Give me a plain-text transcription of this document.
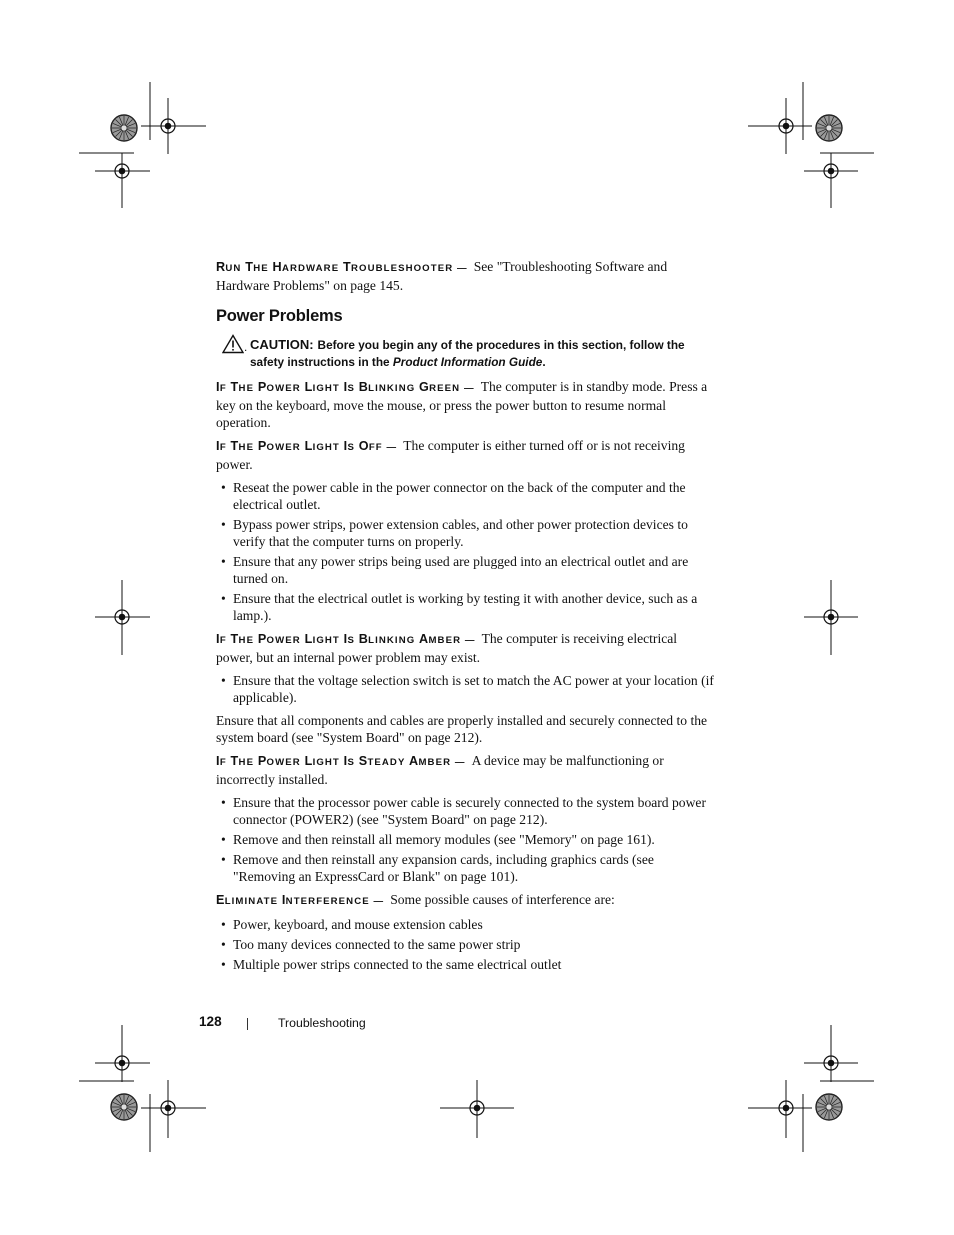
RUN THE HARDWARE TROUBLESHOOTER — See "Troubleshooting Software and Hardware Problems" on page 145.

Power Problems
. CAUTION: Before you begin any of the procedures in this section, follow the safety instructions in the Product Information Guide.

IF THE POWER LIGHT IS BLINKING GREEN — The computer is in standby mode. Press a key on the keyboard, move the mouse, or press the power button to resume normal operation.

IF THE POWER LIGHT IS OFF — The computer is either turned off or is not receiving power.

• Reseat the power cable in the power connector on the back of the computer and the electrical outlet.
• Bypass power strips, power extension cables, and other power protection devices to verify that the computer turns on properly.
• Ensure that any power strips being used are plugged into an electrical outlet and are turned on.
• Ensure that the electrical outlet is working by testing it with another device, such as a lamp.).

IF THE POWER LIGHT IS BLINKING AMBER — The computer is receiving electrical power, but an internal power problem may exist.

• Ensure that the voltage selection switch is set to match the AC power at your location (if applicable).

Ensure that all components and cables are properly installed and securely connected to the system board (see "System Board" on page 212).

IF THE POWER LIGHT IS STEADY AMBER — A device may be malfunctioning or incorrectly installed.

• Ensure that the processor power cable is securely connected to the system board power connector (POWER2) (see "System Board" on page 212).
• Remove and then reinstall all memory modules (see "Memory" on page 161).
• Remove and then reinstall any expansion cards, including graphics cards (see "Removing an ExpressCard or Blank" on page 101).

ELIMINATE INTERFERENCE — Some possible causes of interference are:

• Power, keyboard, and mouse extension cables
• Too many devices connected to the same power strip
• Multiple power strips connected to the same electrical outlet
128	Troubleshooting
